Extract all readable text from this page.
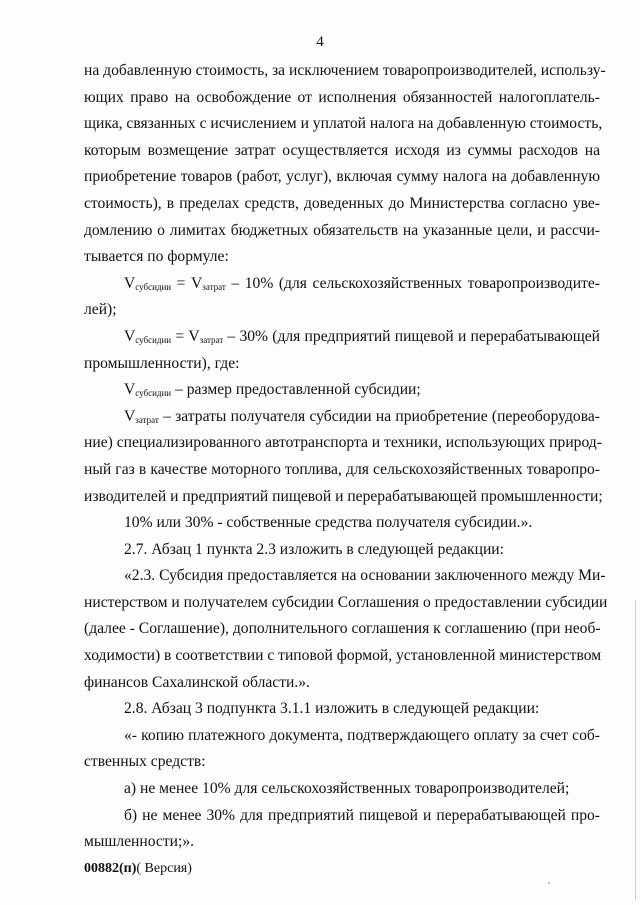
4
на добавленную стоимость, за исключением товаропроизводителей, использу-
ющих право на освобождение от исполнения обязанностей налогоплатель-
щика, связанных с исчислением и уплатой налога на добавленную стоимость,
которым возмещение затрат осуществляется исходя из суммы расходов на
приобретение товаров (работ, услуг), включая сумму налога на добавленную
стоимость), в пределах средств, доведенных до Министерства согласно уве-
домлению о лимитах бюджетных обязательств на указанные цели, и рассчи-
тывается по формуле:
$V_{субсидии} = V_{затрат} - 10\%$ (для сельскохозяйственных товаропроизводите-
лей);
$V_{субсидии} = V_{затрат} - 30\%$ (для предприятий пищевой и перерабатывающей
промышленности), где:
$V_{субсидии}$ – размер предоставленной субсидии;
$V_{затрат}$ – затраты получателя субсидии на приобретение (переоборудова-
ние) специализированного автотранспорта и техники, использующих природ-
ный газ в качестве моторного топлива, для сельскохозяйственных товаропро-
изводителей и предприятий пищевой и перерабатывающей промышленности;
10% или 30% - собственные средства получателя субсидии.».
2.7. Абзац 1 пункта 2.3 изложить в следующей редакции:
«2.3. Субсидия предоставляется на основании заключенного между Ми-
нистерством и получателем субсидии Соглашения о предоставлении субсидии
(далее - Соглашение), дополнительного соглашения к соглашению (при необ-
ходимости) в соответствии с типовой формой, установленной министерством
финансов Сахалинской области.».
2.8. Абзац 3 подпункта 3.1.1 изложить в следующей редакции:
«- копию платежного документа, подтверждающего оплату за счет соб-
ственных средств:
а) не менее 10% для сельскохозяйственных товаропроизводителей;
б) не менее 30% для предприятий пищевой и перерабатывающей про-
мышленности;».
00882(п)( Версия)
